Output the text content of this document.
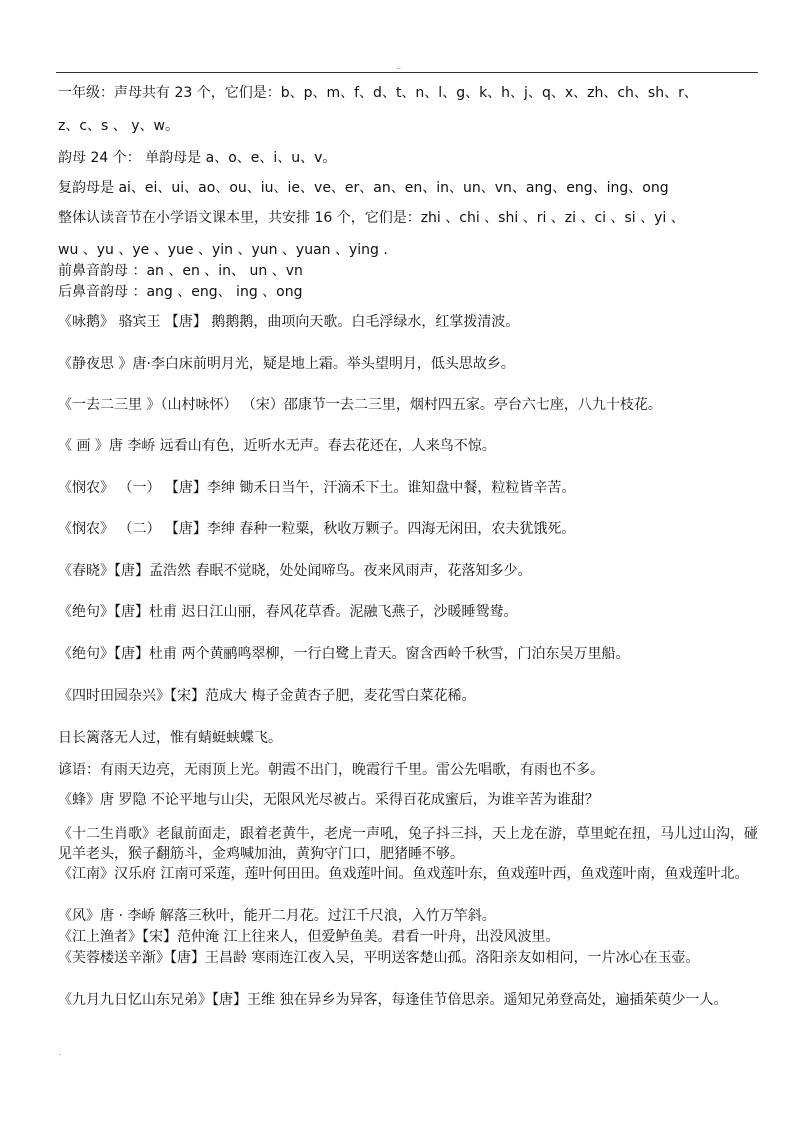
..
一年级：声母共有 23 个，它们是：b、p、m、f、d、t、n、l、g、k、h、j、q、x、zh、ch、sh、r、
z、c、s 、 y、w。
韵母 24 个： 单韵母是 a、o、e、i、u、v。
复韵母是 ai、ei、ui、ao、ou、iu、ie、ve、er、an、en、in、un、vn、ang、eng、ing、ong
整体认读音节在小学语文课本里，共安排 16 个，它们是：zhi 、chi 、shi 、ri 、zi 、ci 、si 、yi 、
wu 、yu 、ye 、yue 、yin 、yun 、yuan 、ying .
前鼻音韵母 ：an 、en 、in、 un 、vn
后鼻音韵母 ：ang 、eng、 ing 、ong
《咏鹅》 骆宾王 【唐】 鹅鹅鹅，曲项向天歌。白毛浮绿水，红掌拨清波。
《静夜思 》唐·李白床前明月光，疑是地上霜。举头望明月，低头思故乡。
《一去二三里 》（山村咏怀） （宋）邵康节一去二三里，烟村四五家。亭台六七座，八九十枝花。
《 画 》唐 李峤 远看山有色，近听水无声。春去花还在，人来鸟不惊。
《悯农》 （一） 【唐】李绅 锄禾日当午，汗滴禾下土。谁知盘中餐，粒粒皆辛苦。
《悯农》 （二） 【唐】李绅 春种一粒粟，秋收万颗子。四海无闲田，农夫犹饿死。
《春晓》【唐】孟浩然 春眠不觉晓，处处闻啼鸟。夜来风雨声，花落知多少。
《绝句》【唐】杜甫 迟日江山丽，春风花草香。泥融飞燕子，沙暖睡鸳鸯。
《绝句》【唐】杜甫 两个黄鹂鸣翠柳，一行白鹭上青天。窗含西岭千秋雪，门泊东吴万里船。
《四时田园杂兴》【宋】范成大 梅子金黄杏子肥，麦花雪白菜花稀。
日长篱落无人过，惟有蜻蜓蛱蝶飞。
谚语：有雨天边亮，无雨顶上光。朝霞不出门，晚霞行千里。雷公先唱歌，有雨也不多。
《蜂》唐 罗隐 不论平地与山尖，无限风光尽被占。采得百花成蜜后，为谁辛苦为谁甜？
《十二生肖歌》老鼠前面走，跟着老黄牛，老虎一声吼，兔子抖三抖，天上龙在游，草里蛇在扭，马儿过山沟，碰见羊老头，猴子翻筋斗，金鸡喊加油，黄狗守门口，肥猪睡不够。
《江南》汉乐府 江南可采莲，莲叶何田田。鱼戏莲叶间。鱼戏莲叶东，鱼戏莲叶西，鱼戏莲叶南，鱼戏莲叶北。
《风》唐 · 李峤 解落三秋叶，能开二月花。过江千尺浪，入竹万竿斜。
《江上渔者》【宋】范仲淹 江上往来人，但爱鲈鱼美。君看一叶舟，出没风波里。
《芙蓉楼送辛渐》【唐】王昌龄 寒雨连江夜入吴，平明送客楚山孤。洛阳亲友如相问，一片冰心在玉壶。
《九月九日忆山东兄弟》【唐】王维 独在异乡为异客，每逢佳节倍思亲。遥知兄弟登高处，遍插茱萸少一人。
.
